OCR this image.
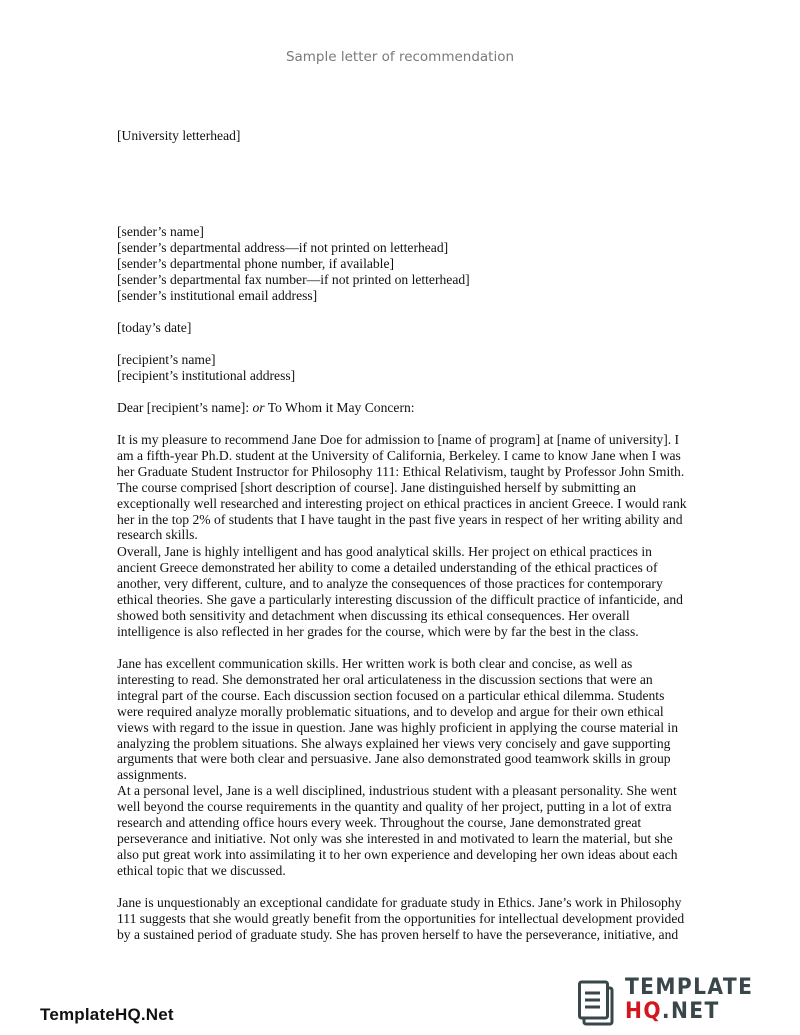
Sample letter of recommendation

[University letterhead]

[sender’s name]

[sender’s departmental address—if not printed on letterhead]

[sender’s departmental phone number, if available]

[sender’s departmental fax number—if not printed on letterhead]

[sender’s institutional email address]

[today’s date]

[recipient’s name]

[recipient’s institutional address]

Dear [recipient’s name]: or To Whom it May Concern:

It is my pleasure to recommend Jane Doe for admission to [name of program] at [name of university]. I am a fifth-year Ph.D. student at the University of California, Berkeley. I came to know Jane when I was her Graduate Student Instructor for Philosophy 111: Ethical Relativism, taught by Professor John Smith. The course comprised [short description of course]. Jane distinguished herself by submitting an exceptionally well researched and interesting project on ethical practices in ancient Greece. I would rank her in the top 2% of students that I have taught in the past five years in respect of her writing ability and research skills.

Overall, Jane is highly intelligent and has good analytical skills. Her project on ethical practices in ancient Greece demonstrated her ability to come a detailed understanding of the ethical practices of another, very different, culture, and to analyze the consequences of those practices for contemporary ethical theories. She gave a particularly interesting discussion of the difficult practice of infanticide, and showed both sensitivity and detachment when discussing its ethical consequences. Her overall intelligence is also reflected in her grades for the course, which were by far the best in the class.

Jane has excellent communication skills. Her written work is both clear and concise, as well as interesting to read. She demonstrated her oral articulateness in the discussion sections that were an integral part of the course. Each discussion section focused on a particular ethical dilemma. Students were required analyze morally problematic situations, and to develop and argue for their own ethical views with regard to the issue in question. Jane was highly proficient in applying the course material in analyzing the problem situations. She always explained her views very concisely and gave supporting arguments that were both clear and persuasive. Jane also demonstrated good teamwork skills in group assignments.

At a personal level, Jane is a well disciplined, industrious student with a pleasant personality. She went well beyond the course requirements in the quantity and quality of her project, putting in a lot of extra research and attending office hours every week. Throughout the course, Jane demonstrated great perseverance and initiative. Not only was she interested in and motivated to learn the material, but she also put great work into assimilating it to her own experience and developing her own ideas about each ethical topic that we discussed.

Jane is unquestionably an exceptional candidate for graduate study in Ethics. Jane’s work in Philosophy 111 suggests that she would greatly benefit from the opportunities for intellectual development provided by a sustained period of graduate study. She has proven herself to have the perseverance, initiative, and

TemplateHQ.Net
TEMPLATE
HQ.NET
